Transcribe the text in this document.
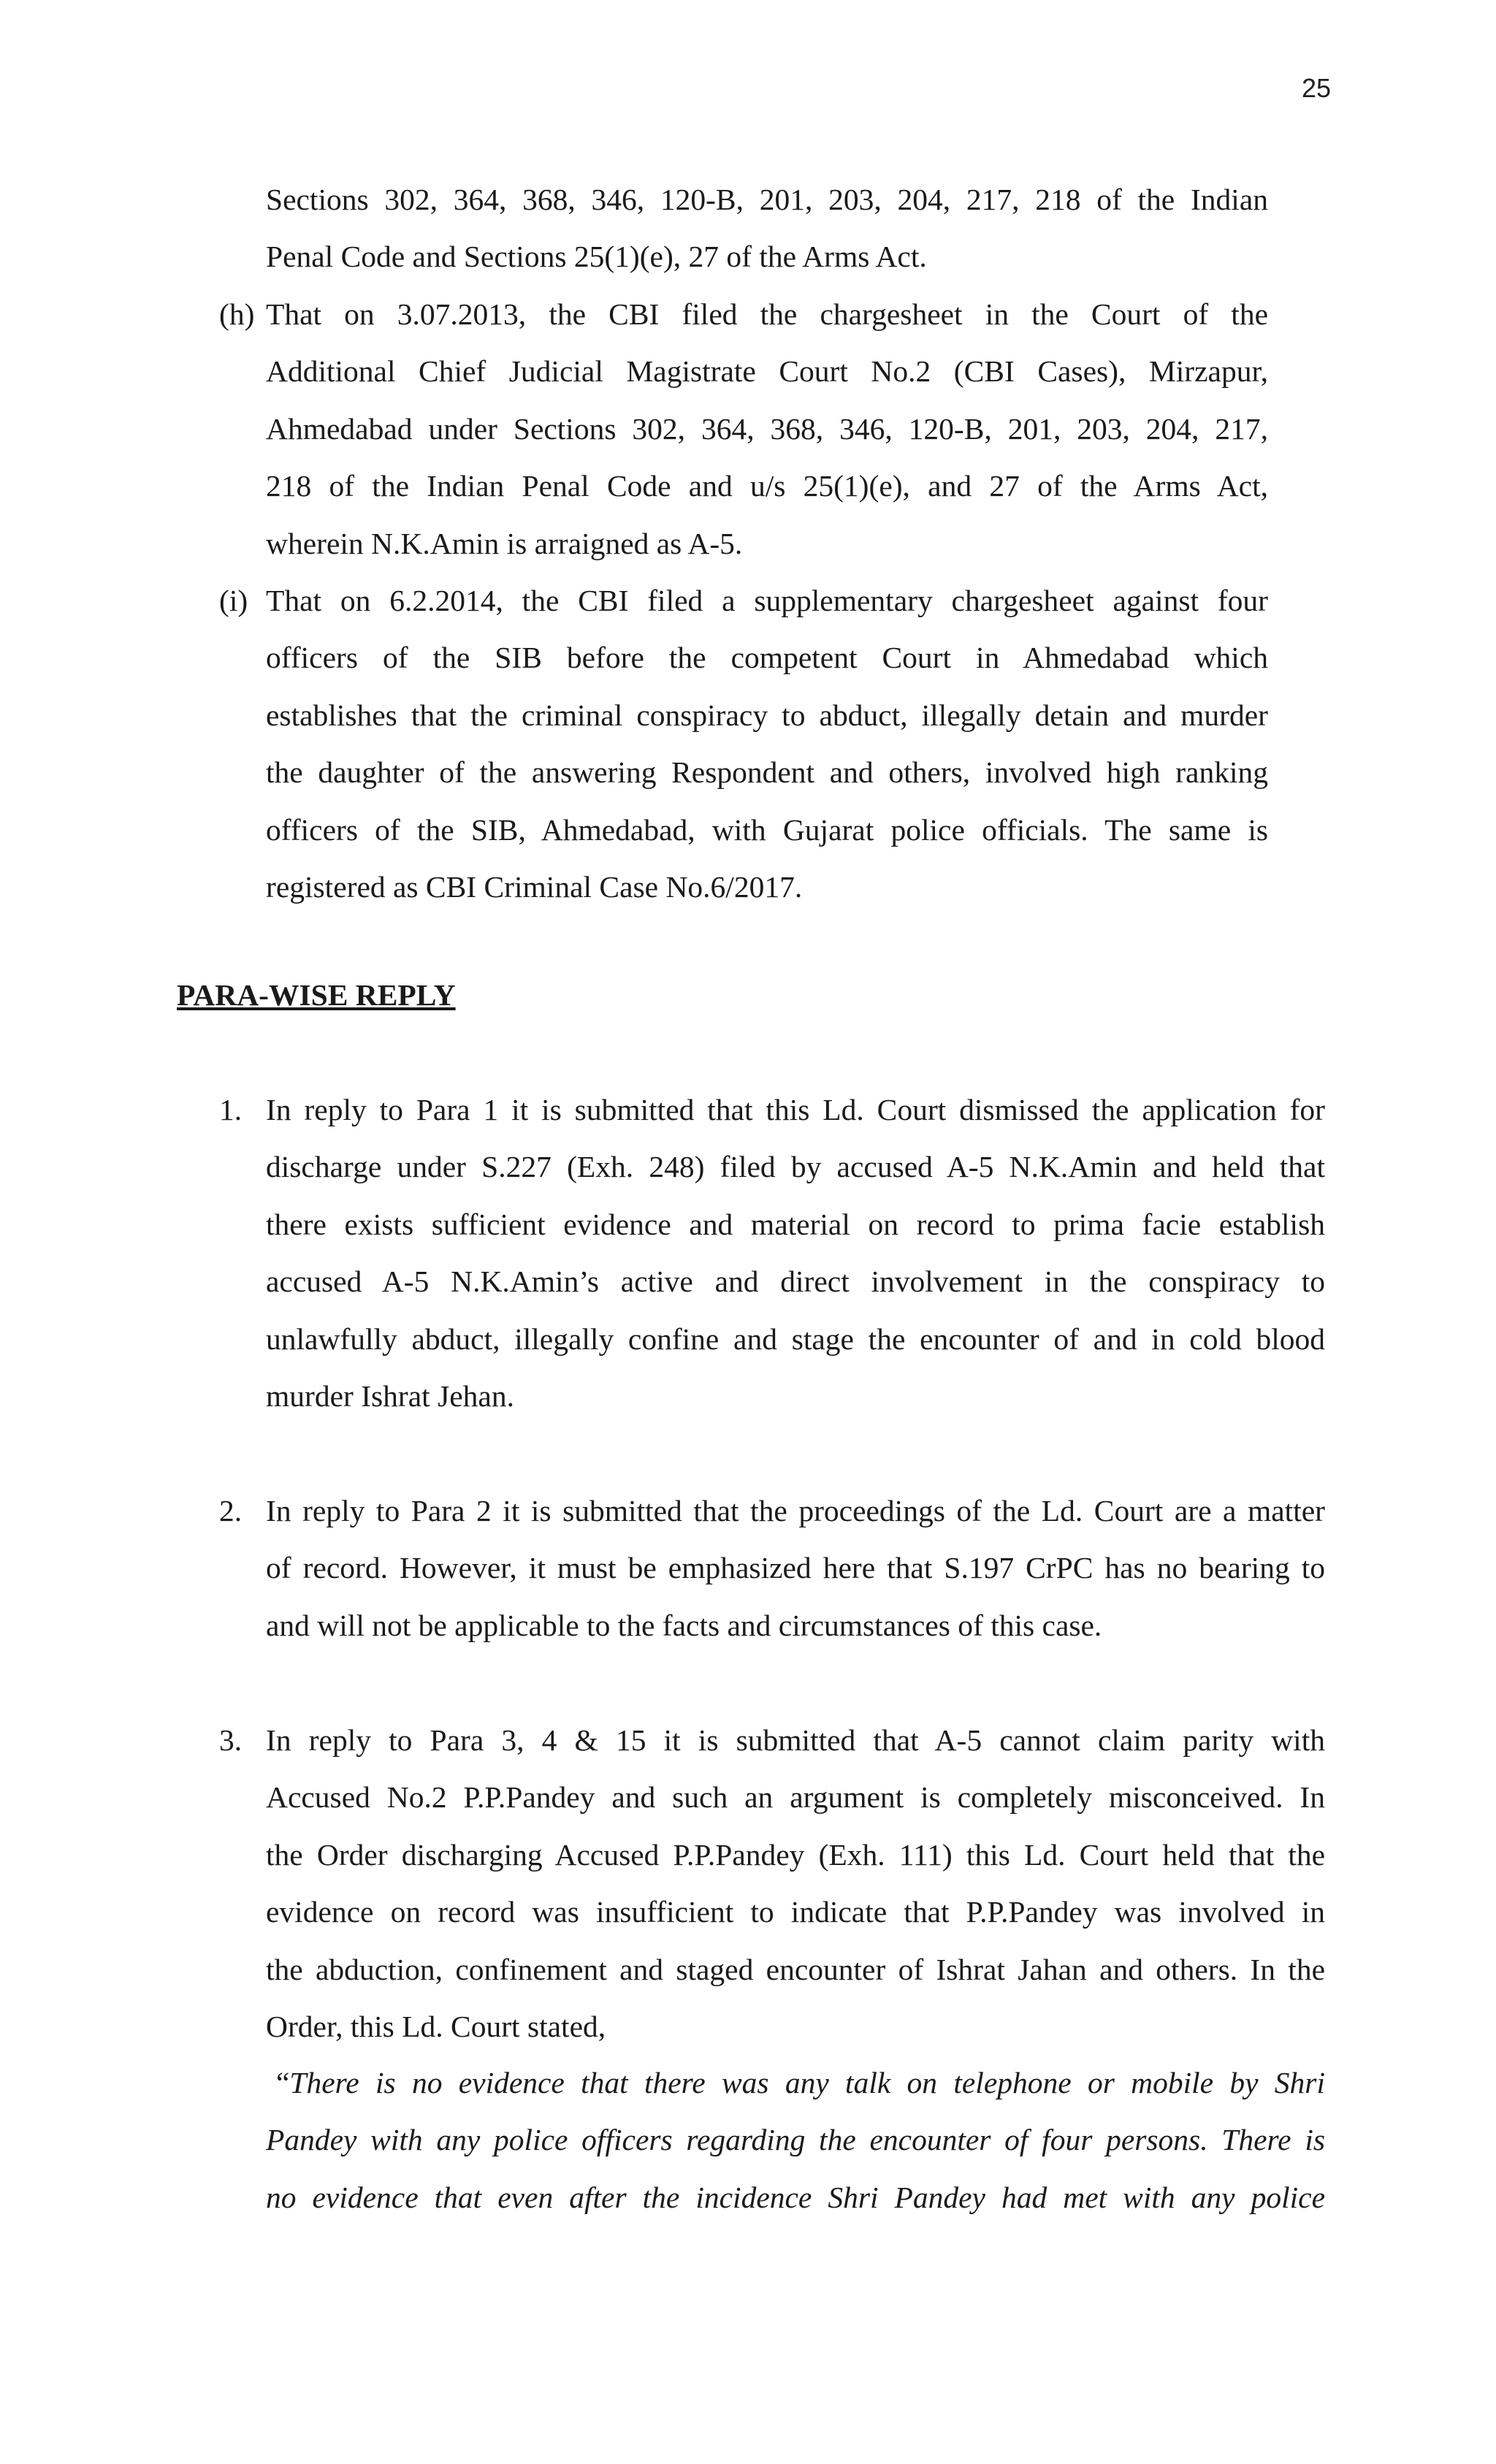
25
Sections 302, 364, 368, 346, 120-B, 201, 203, 204, 217, 218 of the Indian
Penal Code and Sections 25(1)(e), 27 of the Arms Act.
(h) That on 3.07.2013, the CBI filed the chargesheet in the Court of the
Additional Chief Judicial Magistrate Court No.2 (CBI Cases), Mirzapur,
Ahmedabad under Sections 302, 364, 368, 346, 120-B, 201, 203, 204, 217,
218 of the Indian Penal Code and u/s 25(1)(e), and 27 of the Arms Act,
wherein N.K.Amin is arraigned as A-5.
(i) That on 6.2.2014, the CBI filed a supplementary chargesheet against four
officers of the SIB before the competent Court in Ahmedabad which
establishes that the criminal conspiracy to abduct, illegally detain and murder
the daughter of the answering Respondent and others, involved high ranking
officers of the SIB, Ahmedabad, with Gujarat police officials. The same is
registered as CBI Criminal Case No.6/2017.
PARA-WISE REPLY
1. In reply to Para 1 it is submitted that this Ld. Court dismissed the application for
discharge under S.227 (Exh. 248) filed by accused A-5 N.K.Amin and held that
there exists sufficient evidence and material on record to prima facie establish
accused A-5 N.K.Amin’s active and direct involvement in the conspiracy to
unlawfully abduct, illegally confine and stage the encounter of and in cold blood
murder Ishrat Jehan.
2. In reply to Para 2 it is submitted that the proceedings of the Ld. Court are a matter
of record. However, it must be emphasized here that S.197 CrPC has no bearing to
and will not be applicable to the facts and circumstances of this case.
3. In reply to Para 3, 4 & 15 it is submitted that A-5 cannot claim parity with
Accused No.2 P.P.Pandey and such an argument is completely misconceived. In
the Order discharging Accused P.P.Pandey (Exh. 111) this Ld. Court held that the
evidence on record was insufficient to indicate that P.P.Pandey was involved in
the abduction, confinement and staged encounter of Ishrat Jahan and others. In the
Order, this Ld. Court stated,
“There is no evidence that there was any talk on telephone or mobile by Shri
Pandey with any police officers regarding the encounter of four persons. There is
no evidence that even after the incidence Shri Pandey had met with any police
